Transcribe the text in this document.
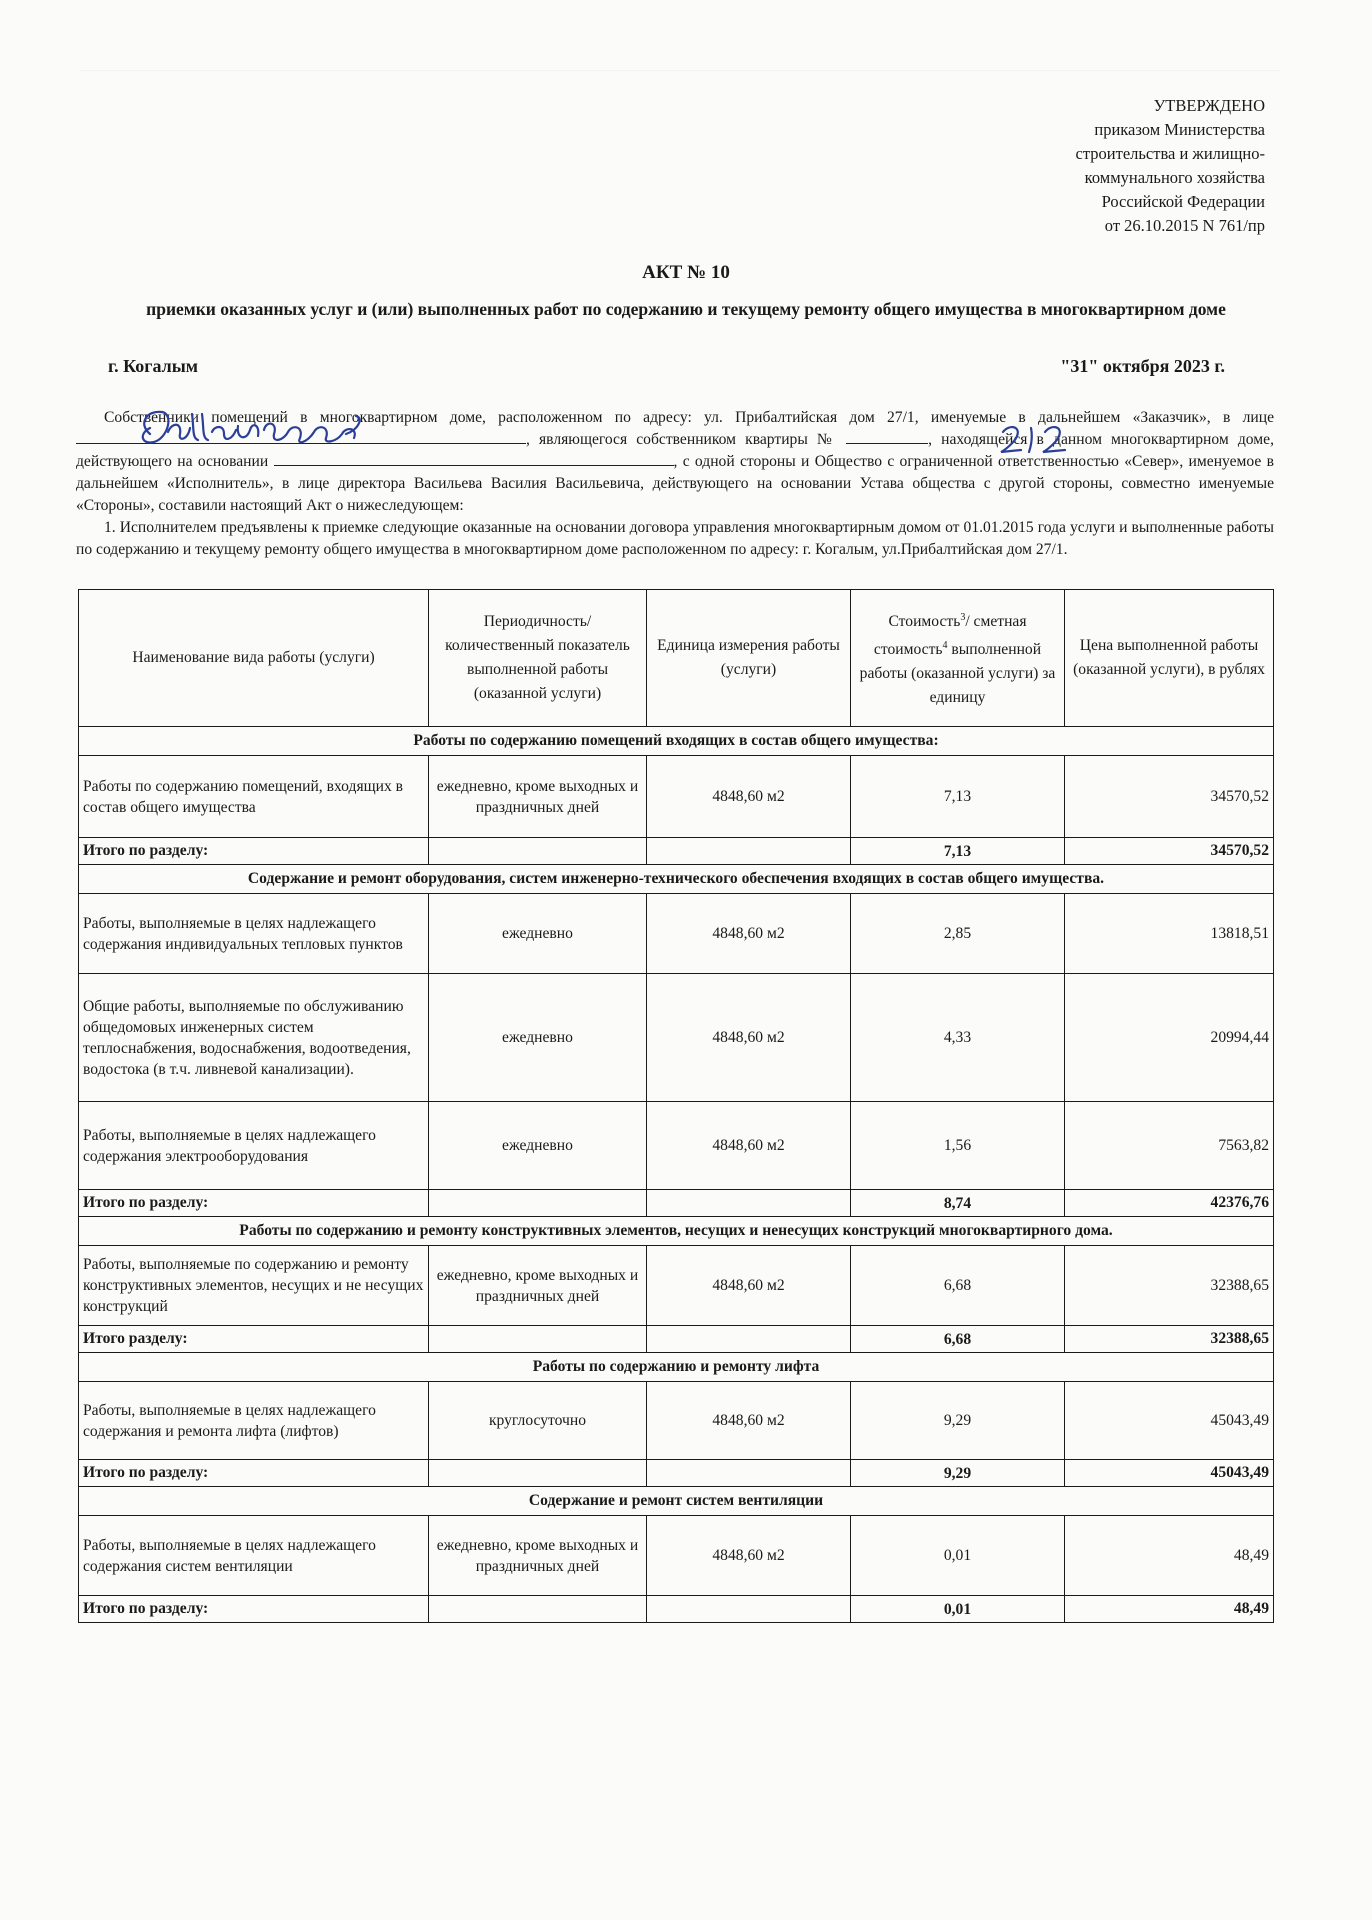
УТВЕРЖДЕНО
приказом Министерства
строительства и жилищно-
коммунального хозяйства
Российской Федерации
от 26.10.2015 N 761/пр
АКТ № 10
приемки оказанных услуг и (или) выполненных работ по содержанию и текущему ремонту общего имущества в многоквартирном доме
г. Когалым	"31" октября 2023 г.

Собственники помещений в многоквартирном доме, расположенном по адресу: ул. Прибалтийская дом 27/1, именуемые в дальнейшем «Заказчик», в лице , являющегося собственником квартиры №	, находящейся в данном многоквартирном доме, действующего на основании	, с одной стороны и Общество с ограниченной ответственностью «Север», именуемое в дальнейшем «Исполнитель», в лице директора Васильева Василия Васильевича, действующего на основании Устава общества с другой стороны, совместно именуемые «Стороны», составили настоящий Акт о нижеследующем:

1. Исполнителем предъявлены к приемке следующие оказанные на основании договора управления многоквартирным домом от 01.01.2015 года услуги и выполненные работы по содержанию и текущему ремонту общего имущества в многоквартирном доме расположенном по адресу: г. Когалым, ул.Прибалтийская дом 27/1.

Наименование вида работы (услуги)	Периодичность/ количественный показатель выполненной работы (оказанной услуги)	Единица измерения работы (услуги)	Стоимость$^3$/ сметная стоимость$^4$ выполненной работы (оказанной услуги) за единицу	Цена выполненной работы (оказанной услуги), в рублях
Работы по содержанию помещений входящих в состав общего имущества:				
Работы по содержанию помещений, входящих в состав общего имущества	ежедневно, кроме выходных и праздничных дней	4848,60 м2	7,13	34570,52
Итого по разделу:			7,13	34570,52
Содержание и ремонт оборудования, систем инженерно-технического обеспечения входящих в состав общего имущества.				
Работы, выполняемые в целях надлежащего содержания индивидуальных тепловых пунктов	ежедневно	4848,60 м2	2,85	13818,51
Общие работы, выполняемые по обслуживанию общедомовых инженерных систем теплоснабжения, водоснабжения, водоотведения, водостока (в т.ч. ливневой канализации).	ежедневно	4848,60 м2	4,33	20994,44
Работы, выполняемые в целях надлежащего содержания электрооборудования	ежедневно	4848,60 м2	1,56	7563,82
Итого по разделу:			8,74	42376,76
Работы по содержанию и ремонту конструктивных элементов, несущих и ненесущих конструкций многоквартирного дома.				
Работы, выполняемые по содержанию и ремонту конструктивных элементов, несущих и не несущих конструкций	ежедневно, кроме выходных и праздничных дней	4848,60 м2	6,68	32388,65
Итого разделу:			6,68	32388,65
Работы по содержанию и ремонту лифта				
Работы, выполняемые в целях надлежащего содержания и ремонта лифта (лифтов)	круглосуточно	4848,60 м2	9,29	45043,49
Итого по разделу:			9,29	45043,49
Содержание и ремонт систем вентиляции				
Работы, выполняемые в целях надлежащего содержания систем вентиляции	ежедневно, кроме выходных и праздничных дней	4848,60 м2	0,01	48,49
Итого по разделу:			0,01	48,49
